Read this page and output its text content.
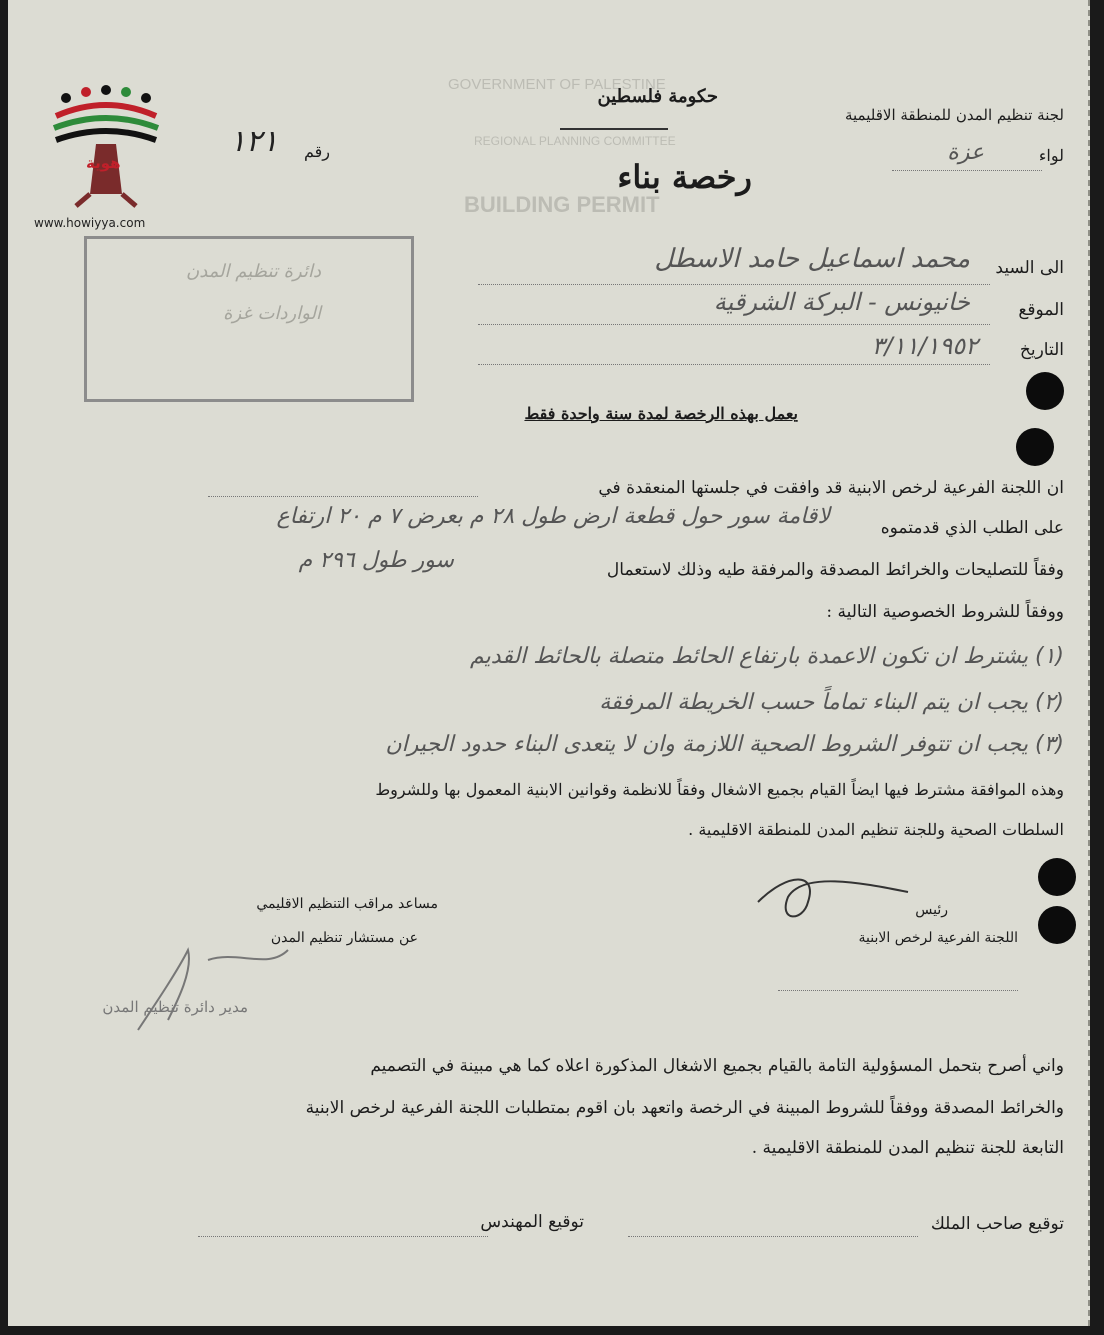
هوية
www.howiyya.com
GOVERNMENT OF PALESTINE
REGIONAL PLANNING COMMITTEE
BUILDING PERMIT
حكومة فلسطين
لجنة تنظيم المدن للمنطقة الاقليمية
لواء
عزة
رقم
١٢١
رخصة بناء
دائرة تنظيم المدن
الواردات غزة
الى السيد
محمد اسماعيل حامد الاسطل
الموقع
خانيونس - البركة الشرقية
التاريخ
٣/١١/١٩٥٢
يعمل بهذه الرخصة لمدة سنة واحدة فقط
ان اللجنة الفرعية لرخص الابنية قد وافقت في جلستها المنعقدة في
على الطلب الذي قدمتموه
لاقامة سور حول قطعة ارض طول ٢٨ م بعرض ٧ م ٢٠ ارتفاع
وفقاً للتصليحات والخرائط المصدقة والمرفقة طيه وذلك لاستعمال
سور طول ٢٩٦ م
ووفقاً للشروط الخصوصية التالية :
(١) يشترط ان تكون الاعمدة بارتفاع الحائط متصلة بالحائط القديم
(٢) يجب ان يتم البناء تماماً حسب الخريطة المرفقة
(٣) يجب ان تتوفر الشروط الصحية اللازمة وان لا يتعدى البناء حدود الجيران
وهذه الموافقة مشترط فيها ايضاً القيام بجميع الاشغال وفقاً للانظمة وقوانين الابنية المعمول بها وللشروط
السلطات الصحية وللجنة تنظيم المدن للمنطقة الاقليمية .
رئيس
اللجنة الفرعية لرخص الابنية
مساعد مراقب التنظيم الاقليمي
عن مستشار تنظيم المدن
مدير دائرة تنظيم المدن
واني أصرح بتحمل المسؤولية التامة بالقيام بجميع الاشغال المذكورة اعلاه كما هي مبينة في التصميم
والخرائط المصدقة ووفقاً للشروط المبينة في الرخصة واتعهد بان اقوم بمتطلبات اللجنة الفرعية لرخص الابنية
التابعة للجنة تنظيم المدن للمنطقة الاقليمية .
توقيع صاحب الملك
توقيع المهندس
